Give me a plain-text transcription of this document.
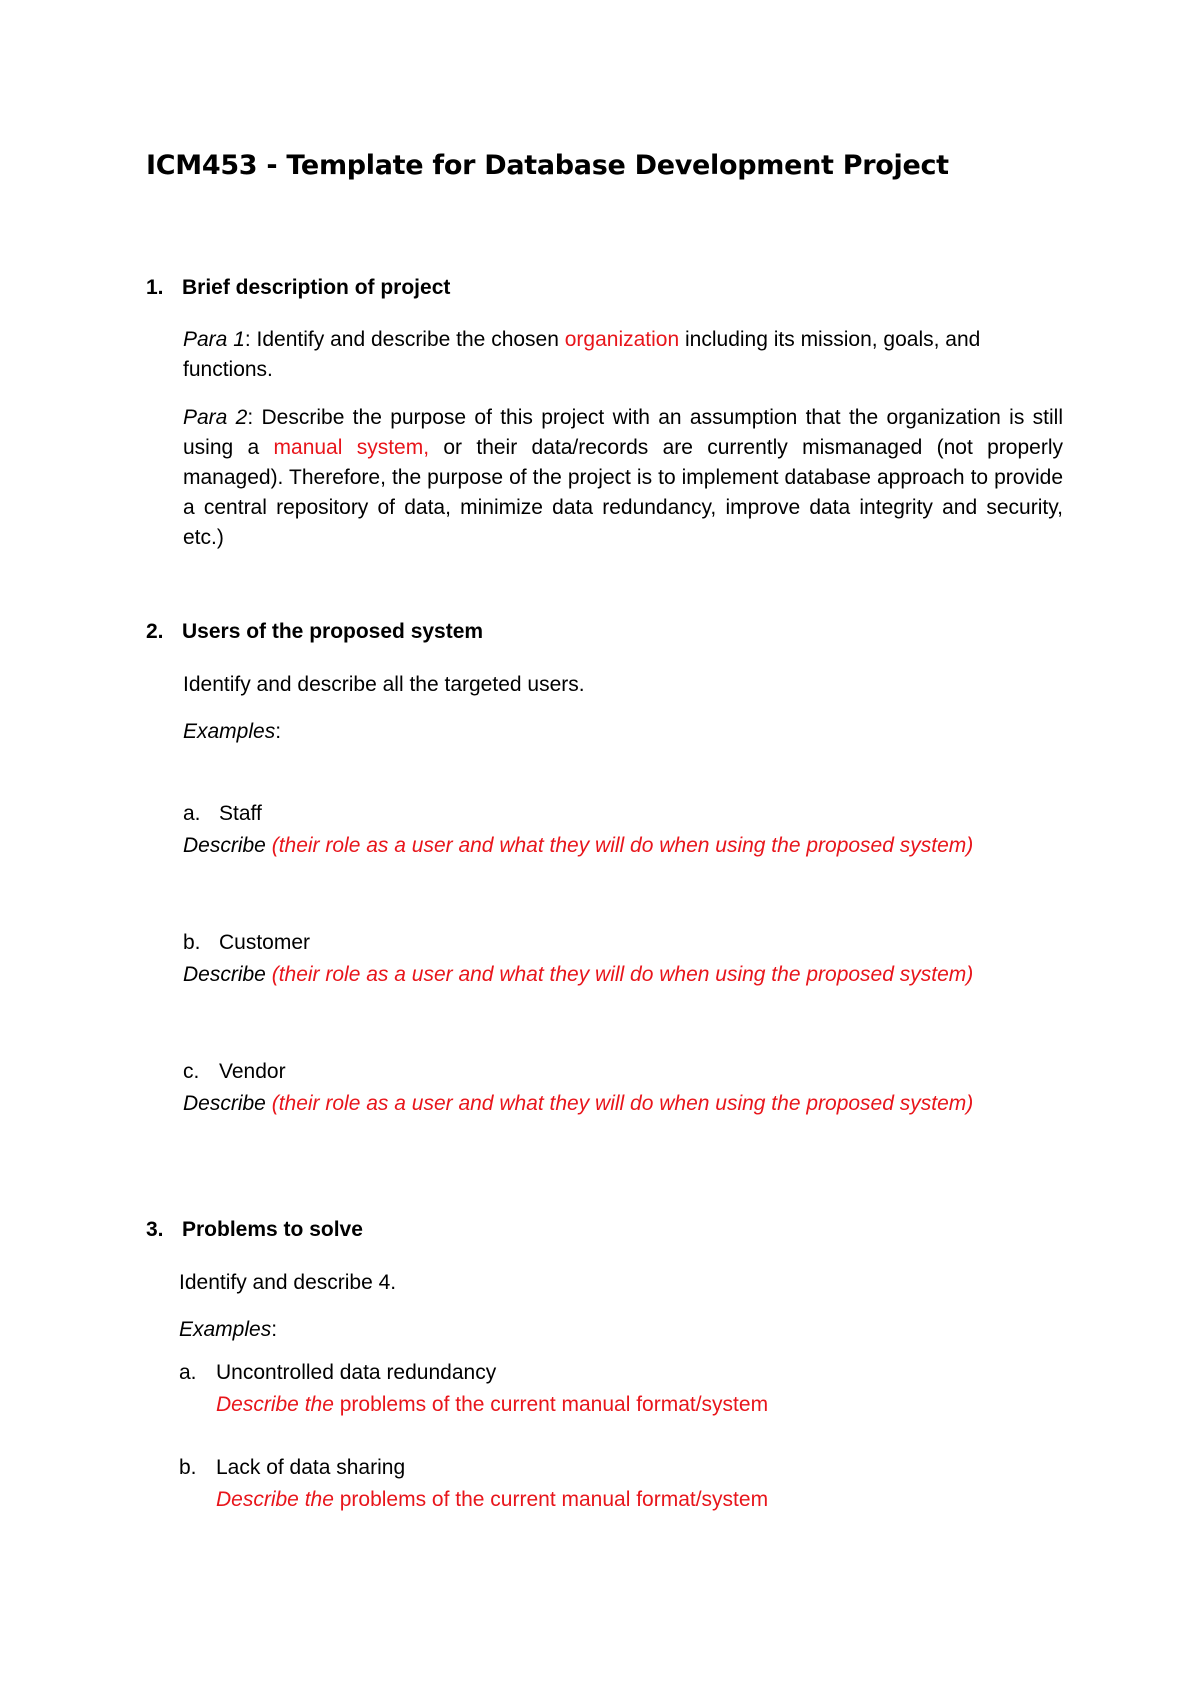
ICM453 - Template for Database Development Project
1. Brief description of project

Para 1: Identify and describe the chosen organization including its mission, goals, and functions.

Para 2: Describe the purpose of this project with an assumption that the organization is still using a manual system, or their data/records are currently mismanaged (not properly managed). Therefore, the purpose of the project is to implement database approach to provide a central repository of data, minimize data redundancy, improve data integrity and security, etc.)

2. Users of the proposed system
Identify and describe all the targeted users.
Examples:
a. Staff

Describe (their role as a user and what they will do when using the proposed system)

b. Customer

Describe (their role as a user and what they will do when using the proposed system)

c. Vendor

Describe (their role as a user and what they will do when using the proposed system)

3. Problems to solve
Identify and describe 4.
Examples:
a. Uncontrolled data redundancy
Describe the problems of the current manual format/system
b. Lack of data sharing
Describe the problems of the current manual format/system
